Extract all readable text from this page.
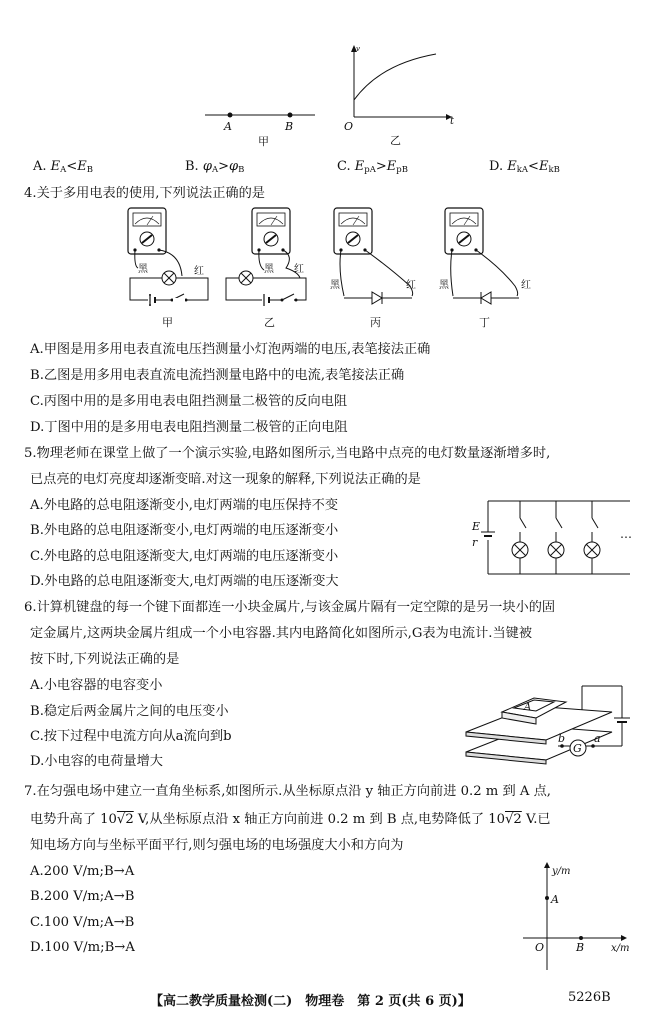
A	B
甲
v
t
O
乙
A. $E_A<E_B$	B. $\varphi_A>\varphi_B$	C. $E_{pA}>E_{pB}$	D. $E_{kA}<E_{kB}$
4.关于多用电表的使用,下列说法正确的是
黑	红
甲
黑 红
乙
黑	红
丙
黑	红
丁
A.甲图是用多用电表直流电压挡测量小灯泡两端的电压,表笔接法正确
B.乙图是用多用电表直流电流挡测量电路中的电流,表笔接法正确
C.丙图中用的是多用电表电阻挡测量二极管的反向电阻
D.丁图中用的是多用电表电阻挡测量二极管的正向电阻
5.物理老师在课堂上做了一个演示实验,电路如图所示,当电路中点亮的电灯数量逐渐增多时,
已点亮的电灯亮度却逐渐变暗.对这一现象的解释,下列说法正确的是
A.外电路的总电阻逐渐变小,电灯两端的电压保持不变
B.外电路的总电阻逐渐变小,电灯两端的电压逐渐变小
C.外电路的总电阻逐渐变大,电灯两端的电压逐渐变小
D.外电路的总电阻逐渐变大,电灯两端的电压逐渐变大
E
r
…
6.计算机键盘的每一个键下面都连一小块金属片,与该金属片隔有一定空隙的是另一块小的固
定金属片,这两块金属片组成一个小电容器.其内电路简化如图所示,G表为电流计.当键被
按下时,下列说法正确的是
A.小电容器的电容变小
B.稳定后两金属片之间的电压变小
C.按下过程中电流方向从a流向到b
D.小电容的电荷量增大
A
G
b	a
7.在匀强电场中建立一直角坐标系,如图所示.从坐标原点沿 y 轴正方向前进 0.2 m 到 A 点,
电势升高了 10√2 V,从坐标原点沿 x 轴正方向前进 0.2 m 到 B 点,电势降低了 10√2 V.已
知电场方向与坐标平面平行,则匀强电场的电场强度大小和方向为
A.200 V/m;B→A
B.200 V/m;A→B
C.100 V/m;A→B
D.100 V/m;B→A
y/m
x/m
A
B
O
【高二教学质量检测(二)　物理卷　第 2 页(共 6 页)】	5226B
